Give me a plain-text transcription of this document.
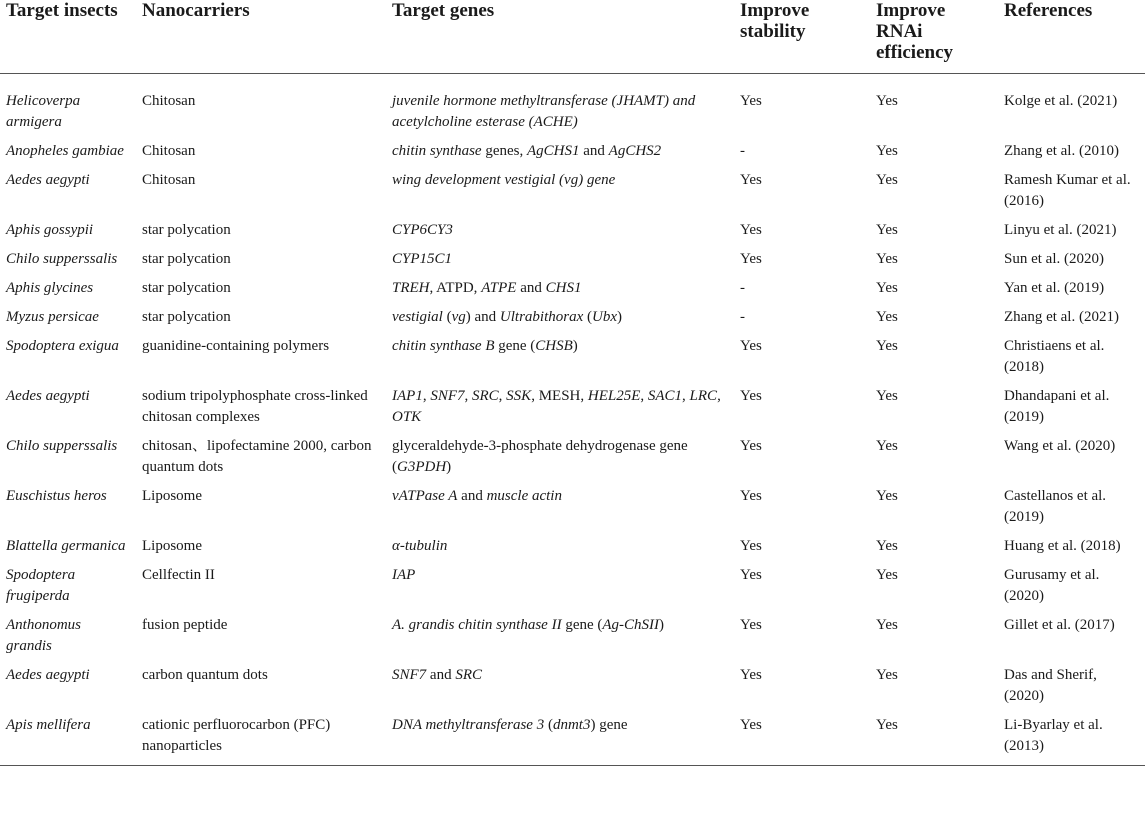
Target insects	Nanocarriers	Target genes	Improve stability	Improve RNAi efficiency	References
Helicoverpa armigera	Chitosan	juvenile hormone methyltransferase (JHAMT) and acetylcholine esterase (ACHE)	Yes	Yes	Kolge et al. (2021)
Anopheles gambiae	Chitosan	chitin synthase genes, AgCHS1 and AgCHS2	-	Yes	Zhang et al. (2010)
Aedes aegypti	Chitosan	wing development vestigial (vg) gene	Yes	Yes	Ramesh Kumar et al. (2016)
Aphis gossypii	star polycation	CYP6CY3	Yes	Yes	Linyu et al. (2021)
Chilo supperssalis	star polycation	CYP15C1	Yes	Yes	Sun et al. (2020)
Aphis glycines	star polycation	TREH, ATPD, ATPE and CHS1	-	Yes	Yan et al. (2019)
Myzus persicae	star polycation	vestigial (vg) and Ultrabithorax (Ubx)	-	Yes	Zhang et al. (2021)
Spodoptera exigua	guanidine-containing polymers	chitin synthase B gene (CHSB)	Yes	Yes	Christiaens et al. (2018)
Aedes aegypti	sodium tripolyphosphate cross-linked chitosan complexes	IAP1, SNF7, SRC, SSK, MESH, HEL25E, SAC1, LRC, OTK	Yes	Yes	Dhandapani et al. (2019)
Chilo supperssalis	chitosan、lipofectamine 2000, carbon quantum dots	glyceraldehyde-3-phosphate dehydrogenase gene (G3PDH)	Yes	Yes	Wang et al. (2020)
Euschistus heros	Liposome	vATPase A and muscle actin	Yes	Yes	Castellanos et al. (2019)
Blattella germanica	Liposome	α-tubulin	Yes	Yes	Huang et al. (2018)
Spodoptera frugiperda	Cellfectin II	IAP	Yes	Yes	Gurusamy et al. (2020)
Anthonomus grandis	fusion peptide	A. grandis chitin synthase II gene (Ag-ChSII)	Yes	Yes	Gillet et al. (2017)
Aedes aegypti	carbon quantum dots	SNF7 and SRC	Yes	Yes	Das and Sherif, (2020)
Apis mellifera	cationic perfluorocarbon (PFC) nanoparticles	DNA methyltransferase 3 (dnmt3) gene	Yes	Yes	Li-Byarlay et al. (2013)
